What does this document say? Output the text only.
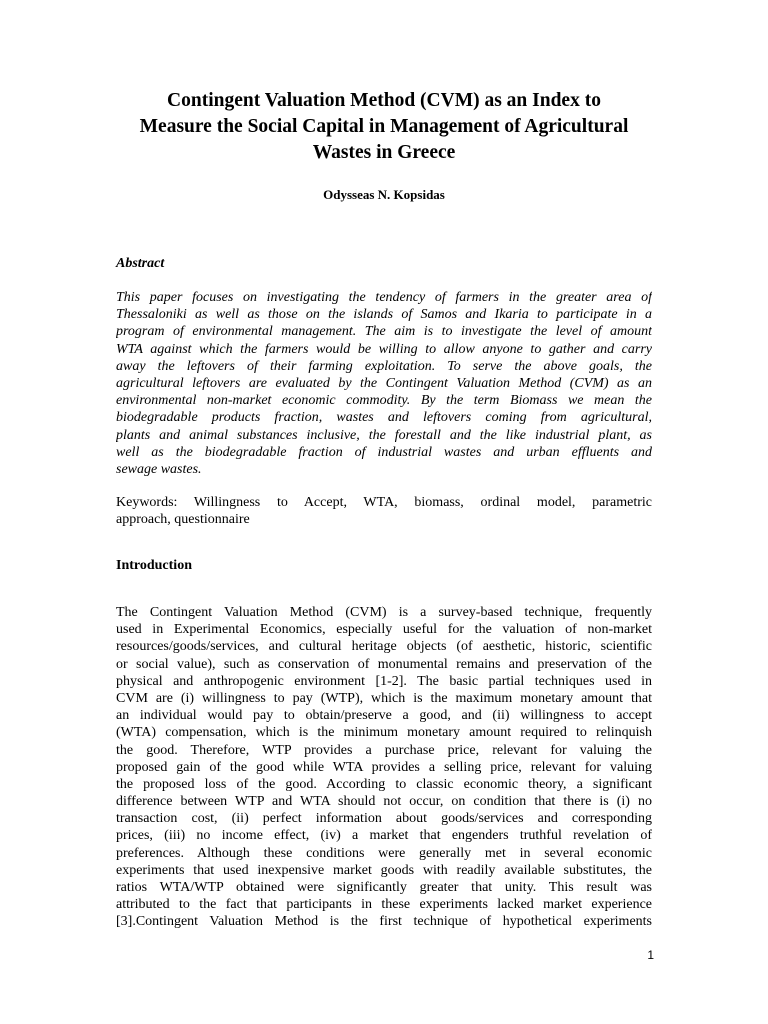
Contingent Valuation Method (CVM) as an Index to
Measure the Social Capital in Management of Agricultural
Wastes in Greece
Odysseas N. Kopsidas
Abstract
This paper focuses on investigating the tendency of farmers in the greater area of
Thessaloniki as well as those on the islands of Samos and Ikaria to participate in a
program of environmental management. The aim is to investigate the level of amount
WTA against which the farmers would be willing to allow anyone to gather and carry
away the leftovers of their farming exploitation. To serve the above goals, the
agricultural leftovers are evaluated by the Contingent Valuation Method (CVM) as an
environmental non-market economic commodity. By the term Biomass we mean the
biodegradable products fraction, wastes and leftovers coming from agricultural,
plants and animal substances inclusive, the forestall and the like industrial plant, as
well as the biodegradable fraction of industrial wastes and urban effluents and
sewage wastes.
Keywords: Willingness to Accept, WTA, biomass, ordinal model, parametric
approach, questionnaire
Introduction
The Contingent Valuation Method (CVM) is a survey-based technique, frequently
used in Experimental Economics, especially useful for the valuation of non-market
resources/goods/services, and cultural heritage objects (of aesthetic, historic, scientific
or social value), such as conservation of monumental remains and preservation of the
physical and anthropogenic environment [1-2]. The basic partial techniques used in
CVM are (i) willingness to pay (WTP), which is the maximum monetary amount that
an individual would pay to obtain/preserve a good, and (ii) willingness to accept
(WTA) compensation, which is the minimum monetary amount required to relinquish
the good. Therefore, WTP provides a purchase price, relevant for valuing the
proposed gain of the good while WTA provides a selling price, relevant for valuing
the proposed loss of the good. According to classic economic theory, a significant
difference between WTP and WTA should not occur, on condition that there is (i) no
transaction cost, (ii) perfect information about goods/services and corresponding
prices, (iii) no income effect, (iv) a market that engenders truthful revelation of
preferences. Although these conditions were generally met in several economic
experiments that used inexpensive market goods with readily available substitutes, the
ratios WTA/WTP obtained were significantly greater that unity. This result was
attributed to the fact that participants in these experiments lacked market experience
[3].Contingent Valuation Method is the first technique of hypothetical experiments
1
